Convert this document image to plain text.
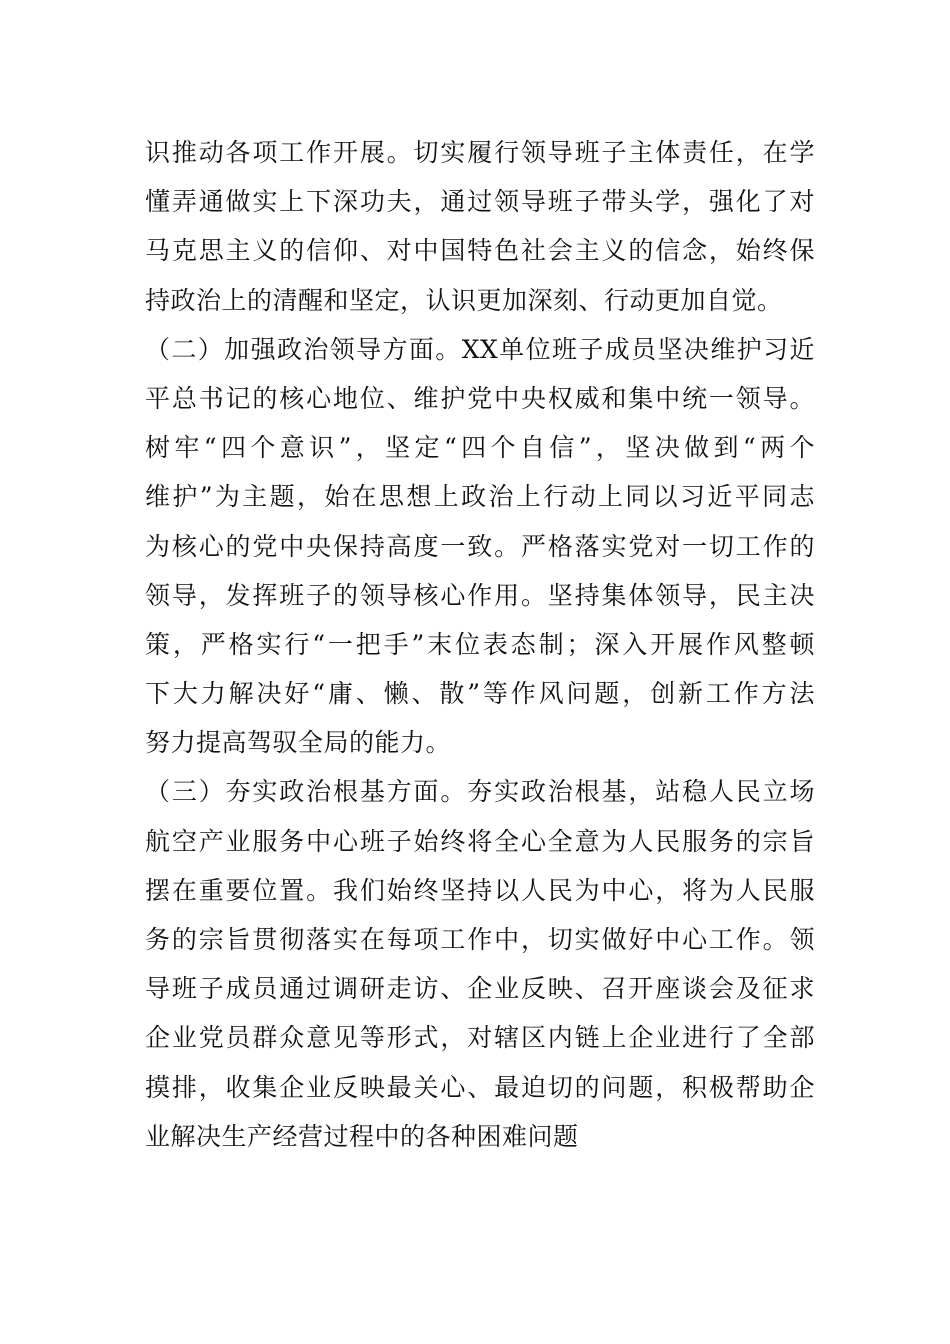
识推动各项工作开展。切实履行领导班子主体责任，在学
懂弄通做实上下深功夫，通过领导班子带头学，强化了对
马克思主义的信仰、对中国特色社会主义的信念，始终保
持政治上的清醒和坚定，认识更加深刻、行动更加自觉。
（二）加强政治领导方面。XX单位班子成员坚决维护习近
平总书记的核心地位、维护党中央权威和集中统一领导。
树牢“四个意识”，坚定“四个自信”，坚决做到“两个
维护”为主题，始在思想上政治上行动上同以习近平同志
为核心的党中央保持高度一致。严格落实党对一切工作的
领导，发挥班子的领导核心作用。坚持集体领导，民主决
策，严格实行“一把手”末位表态制；深入开展作风整顿
下大力解决好“庸、懒、散”等作风问题，创新工作方法
努力提高驾驭全局的能力。
（三）夯实政治根基方面。夯实政治根基，站稳人民立场
航空产业服务中心班子始终将全心全意为人民服务的宗旨
摆在重要位置。我们始终坚持以人民为中心，将为人民服
务的宗旨贯彻落实在每项工作中，切实做好中心工作。领
导班子成员通过调研走访、企业反映、召开座谈会及征求
企业党员群众意见等形式，对辖区内链上企业进行了全部
摸排，收集企业反映最关心、最迫切的问题，积极帮助企
业解决生产经营过程中的各种困难问题
